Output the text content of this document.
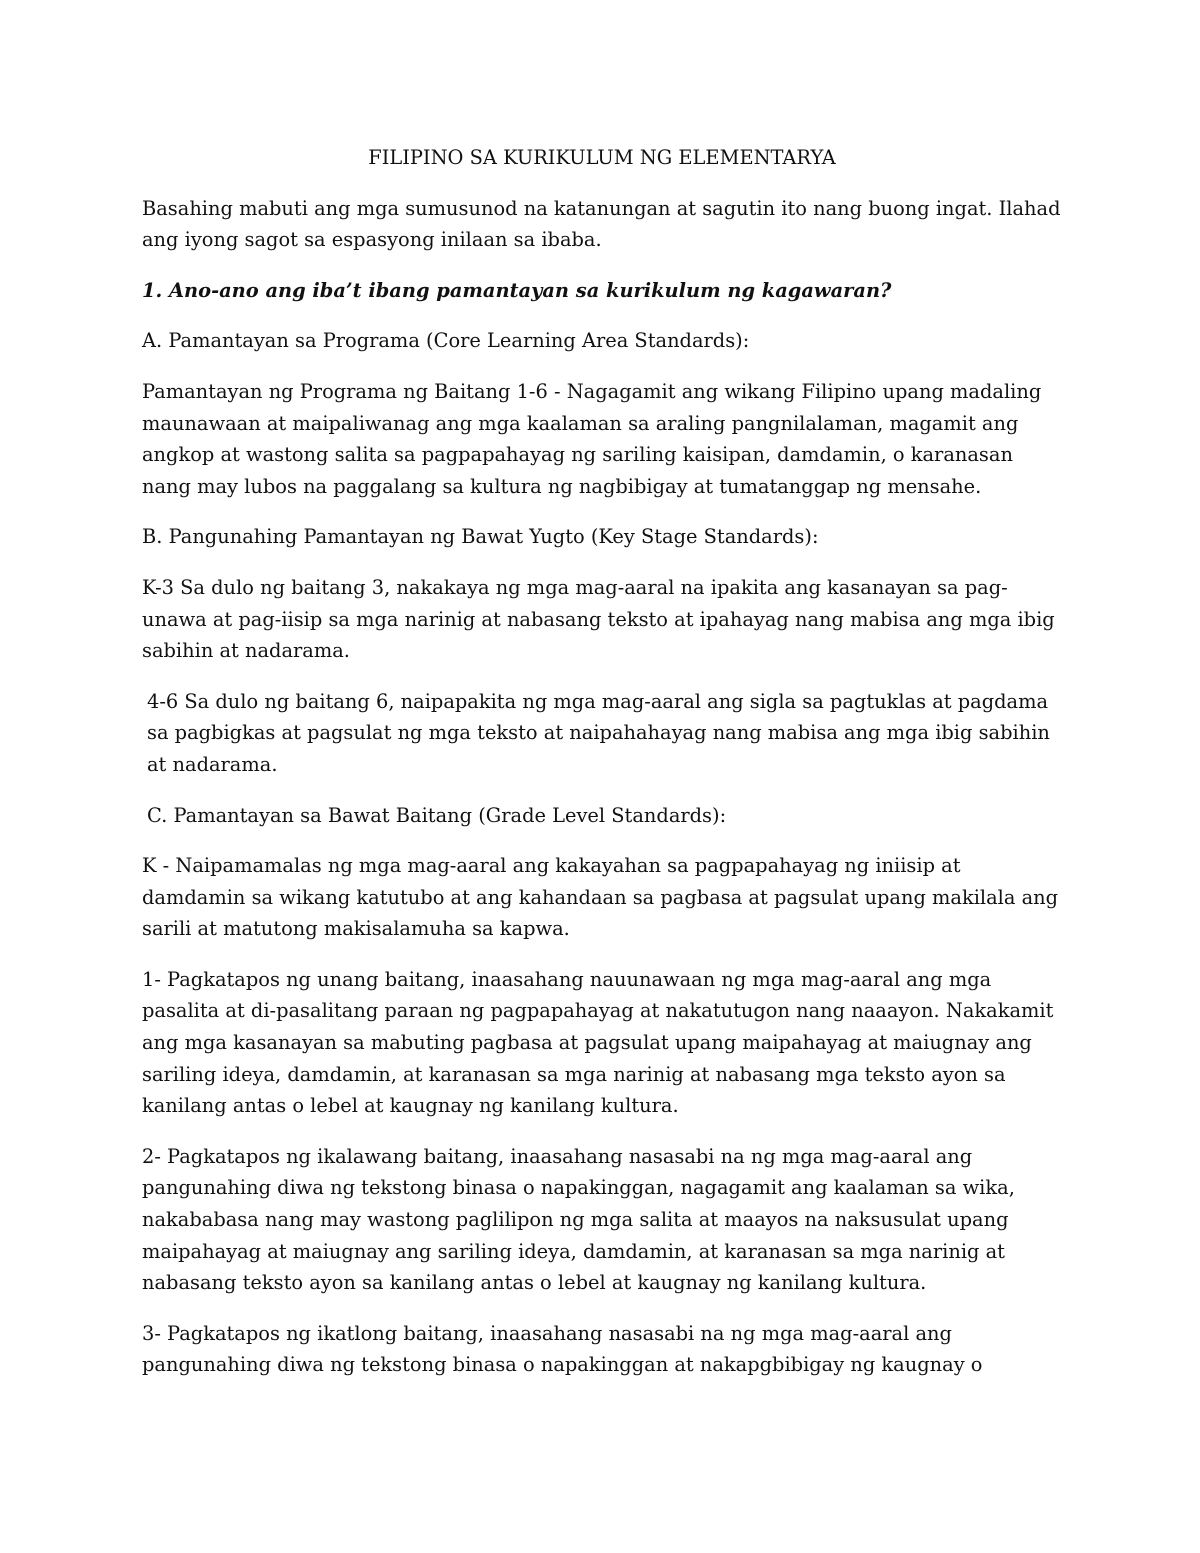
FILIPINO SA KURIKULUM NG ELEMENTARYA

Basahing mabuti ang mga sumusunod na katanungan at sagutin ito nang buong ingat. Ilahad ang iyong sagot sa espasyong inilaan sa ibaba.

1. Ano-ano ang iba’t ibang pamantayan sa kurikulum ng kagawaran?

A. Pamantayan sa Programa (Core Learning Area Standards):

Pamantayan ng Programa ng Baitang 1-6 - Nagagamit ang wikang Filipino upang madaling maunawaan at maipaliwanag ang mga kaalaman sa araling pangnilalaman, magamit ang angkop at wastong salita sa pagpapahayag ng sariling kaisipan, damdamin, o karanasan nang may lubos na paggalang sa kultura ng nagbibigay at tumatanggap ng mensahe.

B. Pangunahing Pamantayan ng Bawat Yugto (Key Stage Standards):

K-3 Sa dulo ng baitang 3, nakakaya ng mga mag-aaral na ipakita ang kasanayan sa pag-unawa at pag-iisip sa mga narinig at nabasang teksto at ipahayag nang mabisa ang mga ibig sabihin at nadarama.

4-6 Sa dulo ng baitang 6, naipapakita ng mga mag-aaral ang sigla sa pagtuklas at pagdama sa pagbigkas at pagsulat ng mga teksto at naipahahayag nang mabisa ang mga ibig sabihin at nadarama.

C. Pamantayan sa Bawat Baitang (Grade Level Standards):

K - Naipamamalas ng mga mag-aaral ang kakayahan sa pagpapahayag ng iniisip at damdamin sa wikang katutubo at ang kahandaan sa pagbasa at pagsulat upang makilala ang sarili at matutong makisalamuha sa kapwa.

1- Pagkatapos ng unang baitang, inaasahang nauunawaan ng mga mag-aaral ang mga pasalita at di-pasalitang paraan ng pagpapahayag at nakatutugon nang naaayon. Nakakamit ang mga kasanayan sa mabuting pagbasa at pagsulat upang maipahayag at maiugnay ang sariling ideya, damdamin, at karanasan sa mga narinig at nabasang mga teksto ayon sa kanilang antas o lebel at kaugnay ng kanilang kultura.

2- Pagkatapos ng ikalawang baitang, inaasahang nasasabi na ng mga mag-aaral ang pangunahing diwa ng tekstong binasa o napakinggan, nagagamit ang kaalaman sa wika, nakababasa nang may wastong paglilipon ng mga salita at maayos na naksusulat upang maipahayag at maiugnay ang sariling ideya, damdamin, at karanasan sa mga narinig at nabasang teksto ayon sa kanilang antas o lebel at kaugnay ng kanilang kultura.

3- Pagkatapos ng ikatlong baitang, inaasahang nasasabi na ng mga mag-aaral ang pangunahing diwa ng tekstong binasa o napakinggan at nakapgbibigay ng kaugnay o
